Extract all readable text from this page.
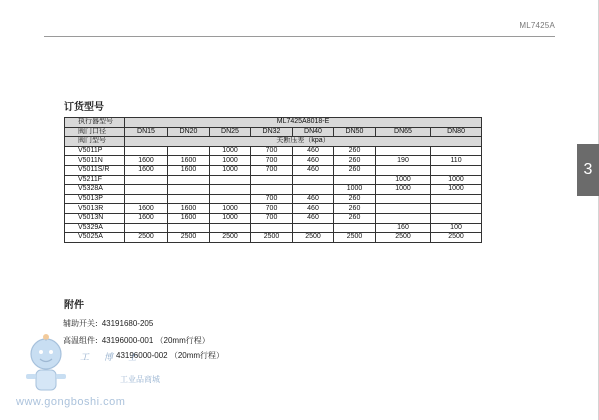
ML7425A
3
订货型号
执行器型号	ML7425A8018-E							
阀门口径	DN15	DN20	DN25	DN32	DN40	DN50	DN65	DN80
阀门型号	关断压差（kpa）							
V5011P			1000	700	460	260		
V5011N	1600	1600	1000	700	460	260	190	110
V5011S/R	1600	1600	1000	700	460	260		
V5211F							1000	1000
V5328A						1000	1000	1000
V5013P				700	460	260		
V5013R	1600	1600	1000	700	460	260		
V5013N	1600	1600	1000	700	460	260		
V5329A							160	100
V5025A	2500	2500	2500	2500	2500	2500	2500	2500
附件
辅助开关: 43191680-205
高温组件: 43196000-001 （20mm行程）
43196000-002 （20mm行程）
工 博 士
工业品商城
www.gongboshi.com
